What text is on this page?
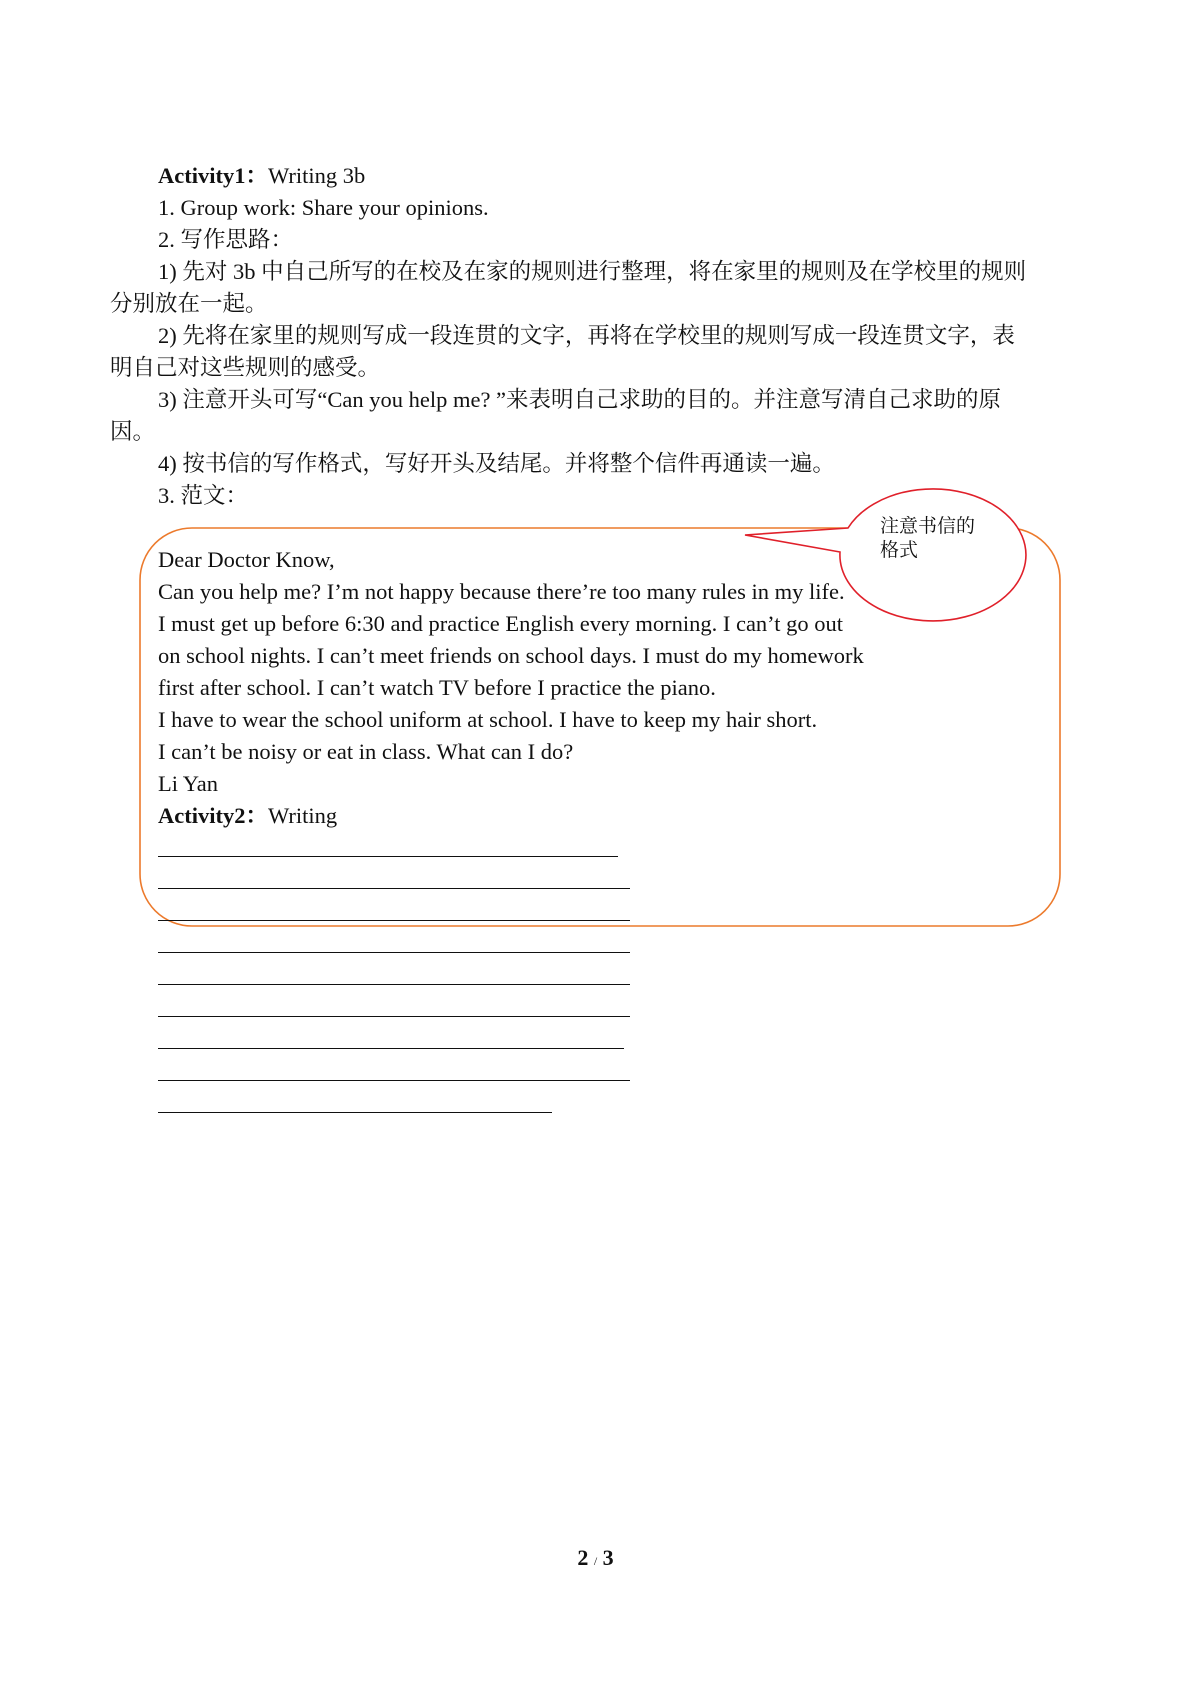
Activity1：Writing 3b
1. Group work: Share your opinions.
2. 写作思路：
1) 先对 3b 中自己所写的在校及在家的规则进行整理，将在家里的规则及在学校里的规则
分别放在一起。
2) 先将在家里的规则写成一段连贯的文字，再将在学校里的规则写成一段连贯文字，表
明自己对这些规则的感受。
3) 注意开头可写“Can you help me? ”来表明自己求助的目的。并注意写清自己求助的原
因。
4) 按书信的写作格式，写好开头及结尾。并将整个信件再通读一遍。
3. 范文：
注意书信的
格式
Dear Doctor Know,
Can you help me? I’m not happy because there’re too many rules in my life.
I must get up before 6:30 and practice English every morning. I can’t go out
on school nights. I can’t meet friends on school days. I must do my homework
first after school. I can’t watch TV before I practice the piano.
I have to wear the school uniform at school. I have to keep my hair short.
I can’t be noisy or eat in class. What can I do?
Li Yan
Activity2：Writing
2 / 3
